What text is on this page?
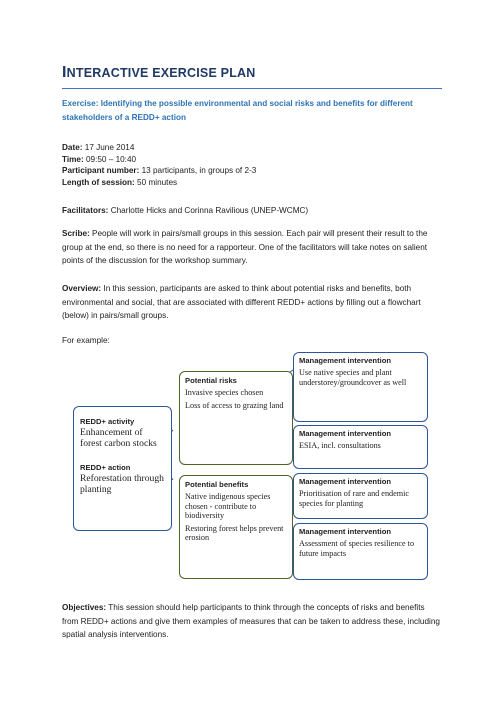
INTERACTIVE EXERCISE PLAN
Exercise: Identifying the possible environmental and social risks and benefits for different stakeholders of a REDD+ action
Date: 17 June 2014
Time: 09:50 – 10:40
Participant number: 13 participants, in groups of 2-3
Length of session: 50 minutes
Facilitators: Charlotte Hicks and Corinna Ravilious (UNEP-WCMC)
Scribe: People will work in pairs/small groups in this session. Each pair will present their result to the group at the end, so there is no need for a rapporteur. One of the facilitators will take notes on salient points of the discussion for the workshop summary.
Overview: In this session, participants are asked to think about potential risks and benefits, both environmental and social, that are associated with different REDD+ actions by filling out a flowchart (below) in pairs/small groups.
For example:
REDD+ activity
Enhancement of forest carbon stocks
REDD+ action
Reforestation through planting
Potential risks
Invasive species chosen
Loss of access to grazing land
Potential benefits
Native indigenous species chosen - contribute to biodiversity
Restoring forest helps prevent erosion
Management intervention
Use native species and plant understorey/groundcover as well
Management intervention
ESIA, incl. consultations
Management intervention
Prioritisation of rare and endemic species for planting
Management intervention
Assessment of species resilience to future impacts
Objectives: This session should help participants to think through the concepts of risks and benefits from REDD+ actions and give them examples of measures that can be taken to address these, including spatial analysis interventions.
